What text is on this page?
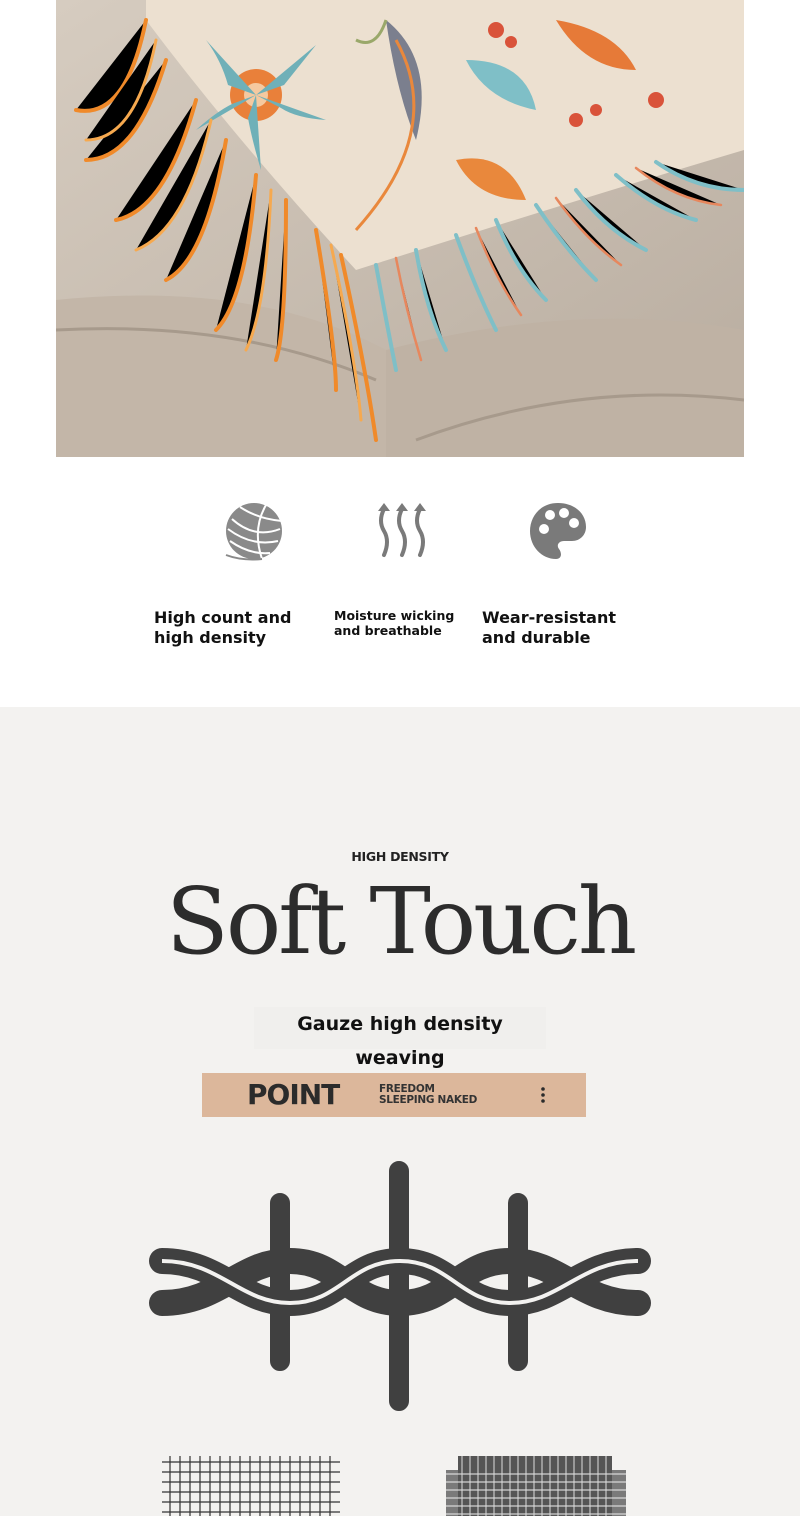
High count and high density
Moisture wicking and breathable
Wear-resistant and durable
HIGH DENSITY
Soft Touch
Gauze high density weaving
POINT	FREEDOM
SLEEPING NAKED
